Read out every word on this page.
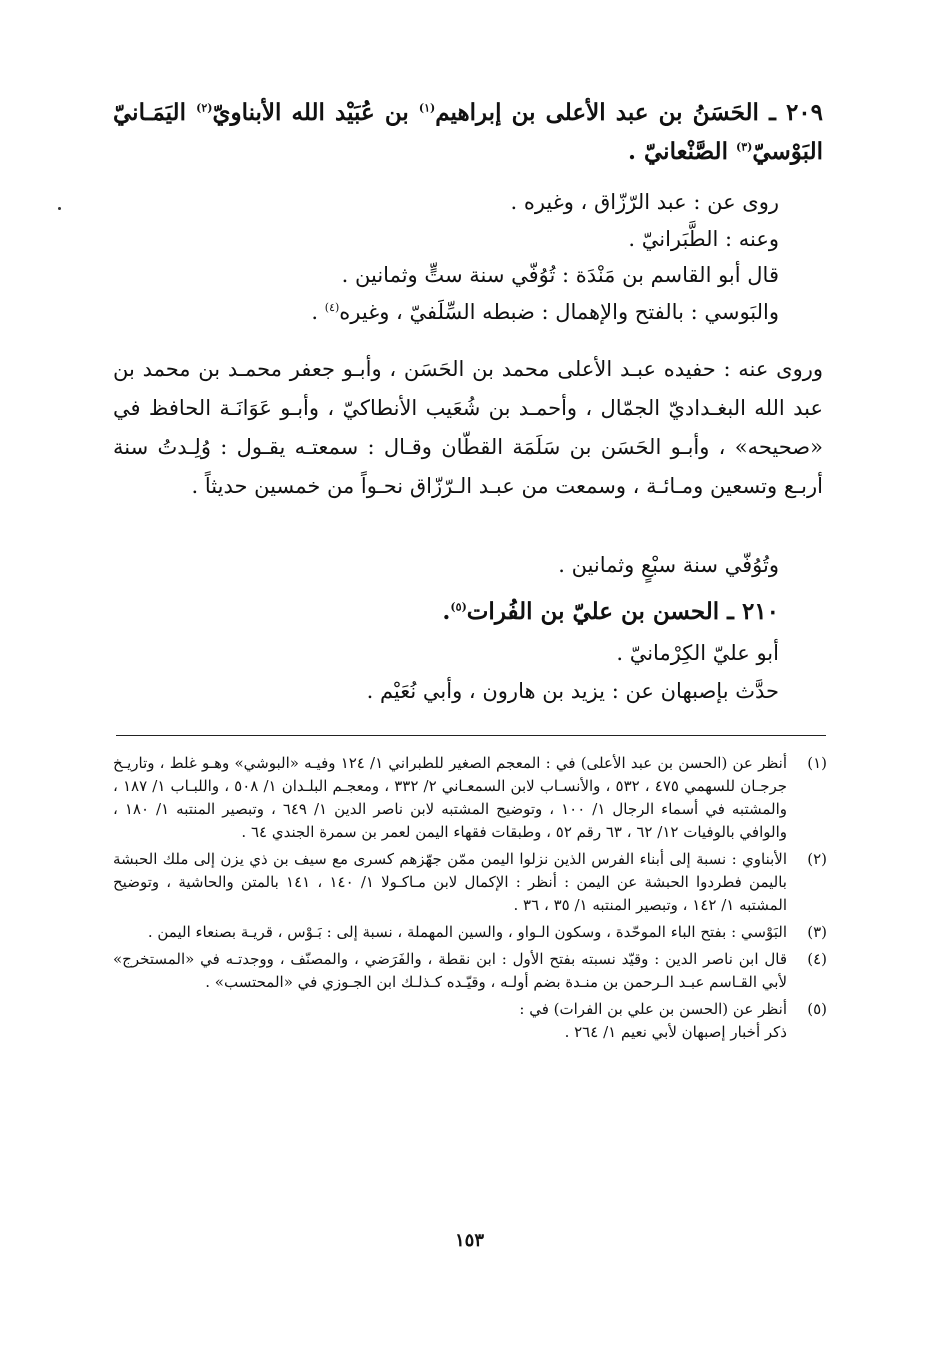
٢٠٩ ـ الحَسَنُ بن عبد الأعلى بن إبراهيم$^{(١)}$ بن عُبَيْد الله الأبناويّ$^{(٢)}$ اليَمَـانيّ البَوْسيّ$^{(٣)}$ الصَّنْعانيّ .
روى عن : عبد الرّزّاق ، وغيره .
وعنه : الطَّبَرانيّ .
قال أبو القاسم بن مَنْدَة : تُوُفّي سنة ستٍّ وثمانين .
والبَوسي : بالفتح والإهمال : ضبطه السِّلَفيّ ، وغيره$^{(٤)}$ .
وروى عنه : حفيده عبـد الأعلى محمد بن الحَسَن ، وأبـو جعفر محمـد بن محمد بن عبد الله البغـداديّ الجمّال ، وأحمـد بن شُعَيب الأنطاكيّ ، وأبـو عَوَانَـة الحافظ في «صحيحه» ، وأبـو الحَسَن بن سَلَمَة القطّان وقـال : سمعتـه يقـول : وُلِـدتُ سنة أربـع وتسعين ومـائـة ، وسمعت من عبـد الـرّزّاق نحـواً من خمسين حديثاً .
وتُوُفّي سنة سبْعٍ وثمانين .
٢١٠ ـ الحسن بن عليّ بن الفُرات$^{(٥)}$.
أبو عليّ الكِرْمانيّ .
حدَّث بإصبهان عن : يزيد بن هارون ، وأبي نُعَيْم .
(١)
أنظر عن (الحسن بن عبد الأعلى) في : المعجم الصغير للطبراني ١/ ١٢٤ وفيـه «البوشي» وهـو غلط ، وتاريـخ جرجـان للسهمي ٤٧٥ ، ٥٣٢ ، والأنسـاب لابن السمعـاني ٢/ ٣٣٢ ، ومعجـم البلـدان ١/ ٥٠٨ ، واللبـاب ١/ ١٨٧ ، والمشتبه في أسماء الرجال ١/ ١٠٠ ، وتوضيح المشتبه لابن ناصر الدين ١/ ٦٤٩ ، وتبصير المنتبه ١/ ١٨٠ ، والوافي بالوفيات ١٢/ ٦٢ ، ٦٣ رقم ٥٢ ، وطبقات فقهاء اليمن لعمر بن سمرة الجندي ٦٤ .
(٢)
الأبناوي : نسبة إلى أبناء الفرس الذين نزلوا اليمن ممّن جهّزهم كسرى مع سيف بن ذي يزن إلى ملك الحبشة باليمن فطردوا الحبشة عن اليمن : أنظر : الإكمال لابن مـاكـولا ١/ ١٤٠ ، ١٤١ بالمتن والحاشية ، وتوضيح المشتبه ١/ ١٤٢ ، وتبصير المنتبه ١/ ٣٥ ، ٣٦ .
(٣)
البَوْسي : بفتح الباء الموحّدة ، وسكون الـواو ، والسين المهملة ، نسبة إلى : بَـوْس ، قريـة بصنعاء اليمن .
(٤)
قال ابن ناصر الدين : وقيّد نسبته بفتح الأول : ابن نقطة ، والفَرَضي ، والمصنّف ، ووجدتـه في «المستخرج» لأبي القـاسم عبـد الـرحمن بن منـدة بضم أولـه ، وقيّـده كـذلـك ابن الجـوزي في «المحتسب» .
(٥)
أنظر عن (الحسن بن علي بن الفرات) في :
ذكر أخبار إصبهان لأبي نعيم ١/ ٢٦٤ .
١٥٣
